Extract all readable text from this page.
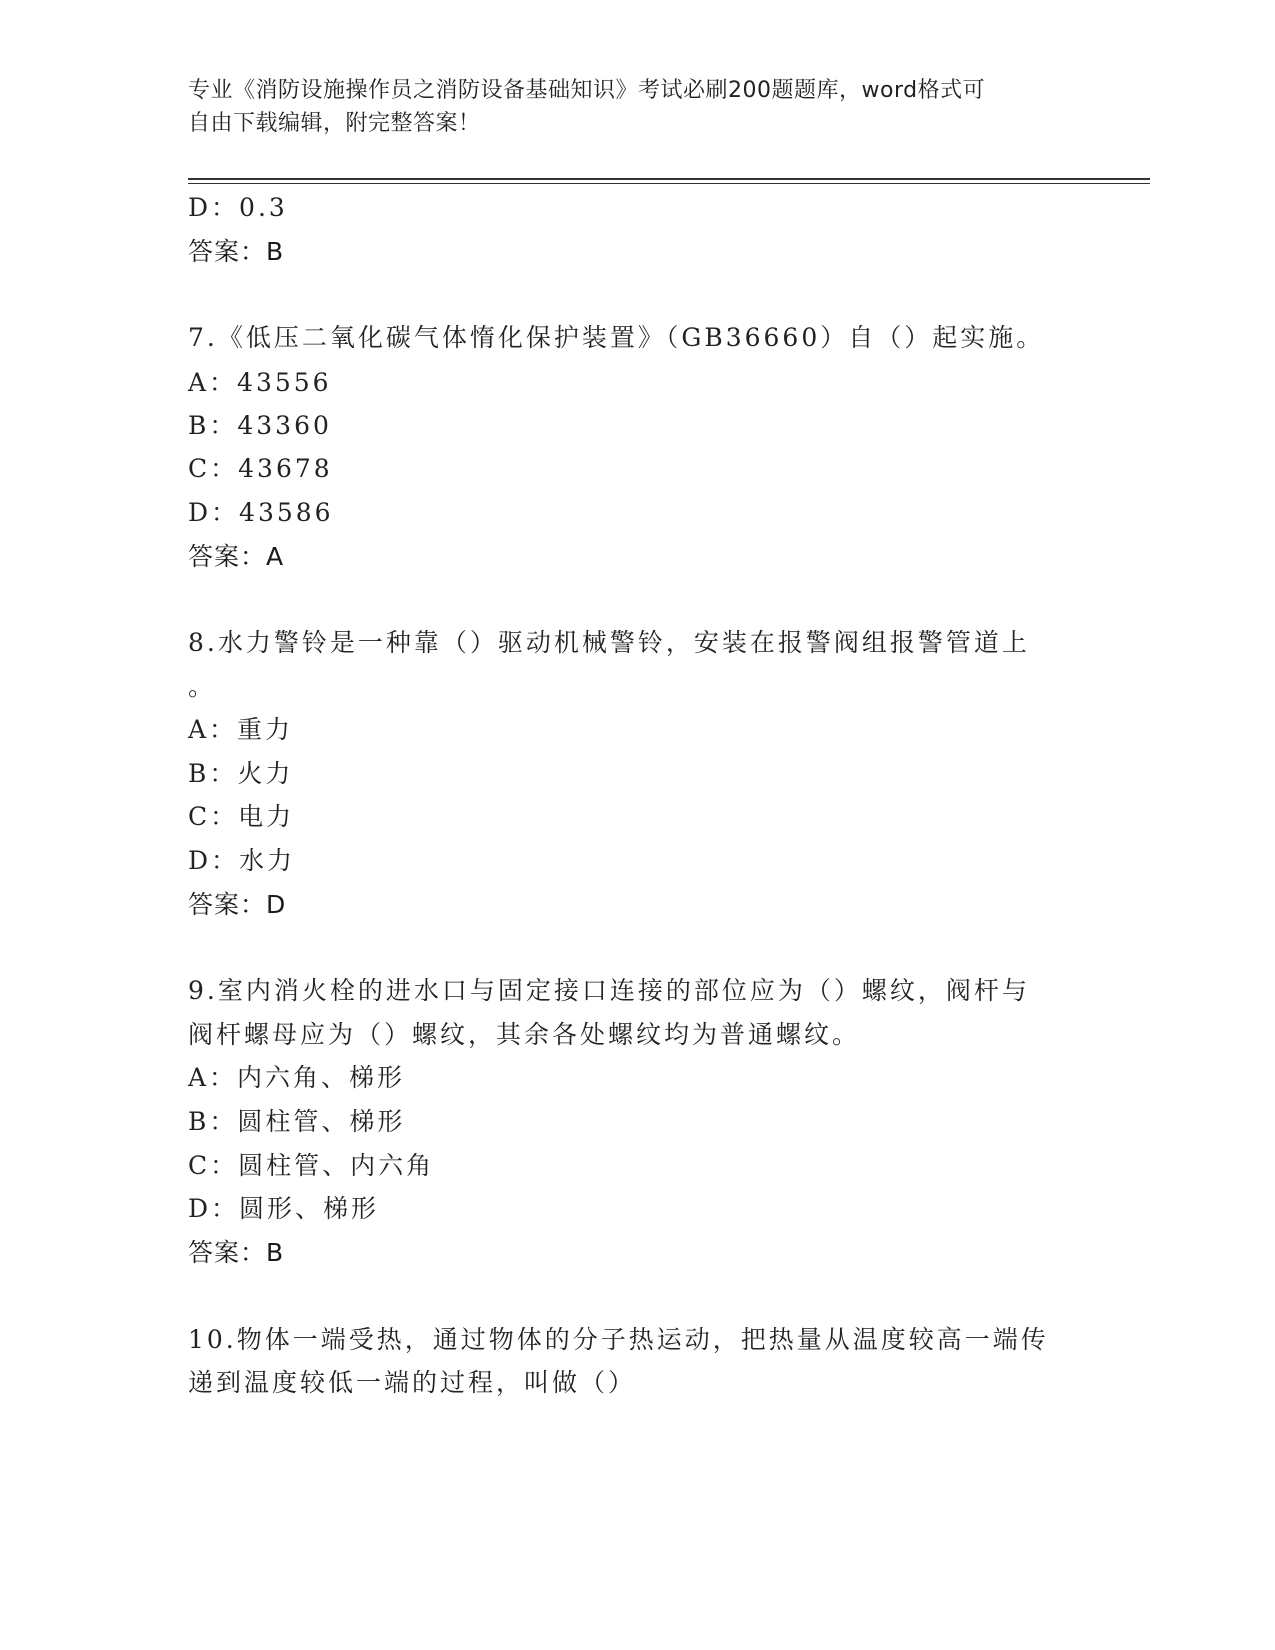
专业《消防设施操作员之消防设备基础知识》考试必刷200题题库，word格式可
自由下载编辑，附完整答案！
D：0.3
答案：B
7.《低压二氧化碳气体惰化保护装置》（GB36660）自（）起实施。
A：43556
B：43360
C：43678
D：43586
答案：A
8.水力警铃是一种靠（）驱动机械警铃，安装在报警阀组报警管道上
。
A：重力
B：火力
C：电力
D：水力
答案：D
9.室内消火栓的进水口与固定接口连接的部位应为（）螺纹，阀杆与
阀杆螺母应为（）螺纹，其余各处螺纹均为普通螺纹。
A：内六角、梯形
B：圆柱管、梯形
C：圆柱管、内六角
D：圆形、梯形
答案：B
10.物体一端受热，通过物体的分子热运动，把热量从温度较高一端传
递到温度较低一端的过程，叫做（）
